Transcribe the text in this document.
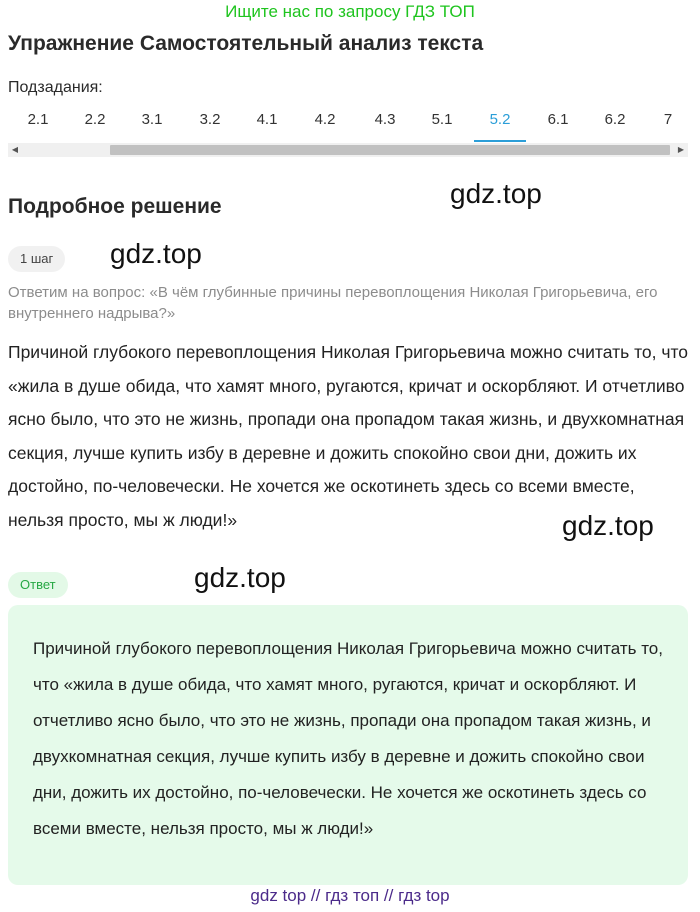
Ищите нас по запросу ГДЗ ТОП
Упражнение Самостоятельный анализ текста
Подзадания:
2.1	2.2	3.1	3.2	4.1	4.2	4.3	5.1	5.2	6.1	6.2	7
◀	▶
Подробное решение	gdz.top
gdz.top
gdz.top
gdz.top
1 шаг

Ответим на вопрос: «В чём глубинные причины перевоплощения Николая Григорьевича, его внутреннего надрыва?»

Причиной глубокого перевоплощения Николая Григорьевича можно считать то, что «жила в душе обида, что хамят много, ругаются, кричат и оскорбляют. И отчетливо ясно было, что это не жизнь, пропади она пропадом такая жизнь, и двухкомнатная секция, лучше купить избу в деревне и дожить спокойно свои дни, дожить их достойно, по-человечески. Не хочется же оскотинеть здесь со всеми вместе, нельзя просто, мы ж люди!»

Ответ

Причиной глубокого перевоплощения Николая Григорьевича можно считать то, что «жила в душе обида, что хамят много, ругаются, кричат и оскорбляют. И отчетливо ясно было, что это не жизнь, пропади она пропадом такая жизнь, и двухкомнатная секция, лучше купить избу в деревне и дожить спокойно свои дни, дожить их достойно, по-человечески. Не хочется же оскотинеть здесь со всеми вместе, нельзя просто, мы ж люди!»

gdz top // гдз топ // гдз top
